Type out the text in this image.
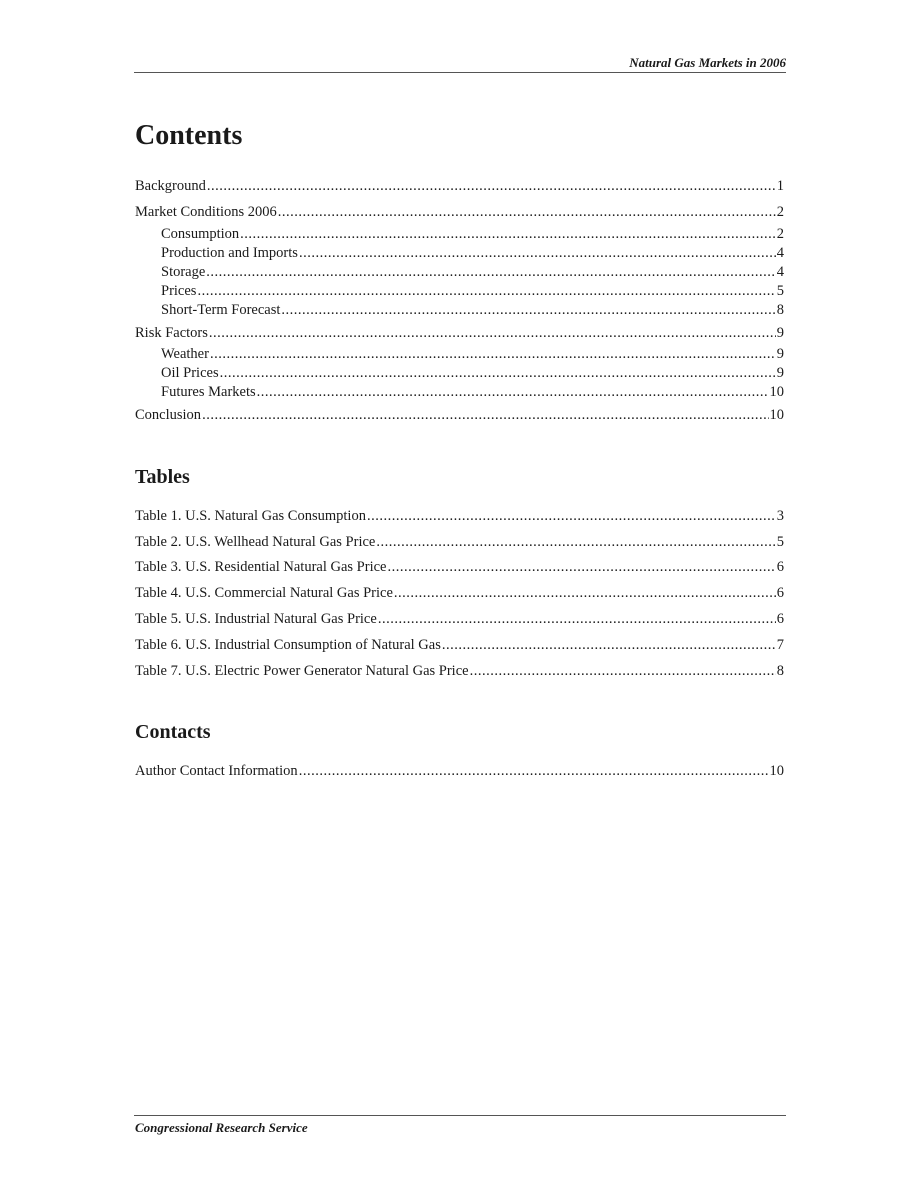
Natural Gas Markets in 2006
Contents
Background .....	1
Market Conditions 2006 .....	2
Consumption .....	2
Production and Imports .....	4
Storage .....	4
Prices .....	5
Short-Term Forecast .....	8
Risk Factors .....	9
Weather .....	9
Oil Prices .....	9
Futures Markets .....	10
Conclusion .....	10
Tables
Table 1. U.S. Natural Gas Consumption .....	3
Table 2. U.S. Wellhead Natural Gas Price .....	5
Table 3. U.S. Residential Natural Gas Price .....	6
Table 4. U.S. Commercial Natural Gas Price .....	6
Table 5. U.S. Industrial Natural Gas Price .....	6
Table 6. U.S. Industrial Consumption of Natural Gas .....	7
Table 7. U.S. Electric Power Generator Natural Gas Price .....	8
Contacts
Author Contact Information .....	10
Congressional Research Service
